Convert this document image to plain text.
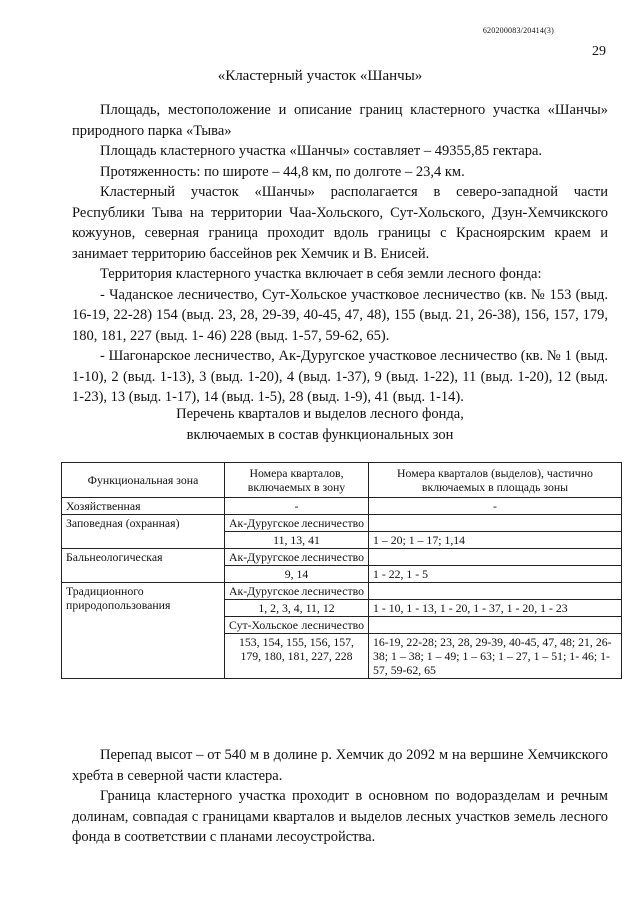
620200083/20414(3)
29
«Кластерный участок «Шанчы»

Площадь, местоположение и описание границ кластерного участка «Шанчы» природного парка «Тыва»

Площадь кластерного участка «Шанчы» составляет – 49355,85 гектара.

Протяженность: по широте – 44,8 км, по долготе – 23,4 км.

Кластерный участок «Шанчы» располагается в северо-западной части Республики Тыва на территории Чаа-Хольского, Сут-Хольского, Дзун-Хемчикского кожуунов, северная граница проходит вдоль границы с Красноярским краем и занимает территорию бассейнов рек Хемчик и В. Енисей.

Территория кластерного участка включает в себя земли лесного фонда:

- Чаданское лесничество, Сут-Хольское участковое лесничество (кв. № 153 (выд. 16-19, 22-28) 154 (выд. 23, 28, 29-39, 40-45, 47, 48), 155 (выд. 21, 26-38), 156, 157, 179, 180, 181, 227 (выд. 1- 46) 228 (выд. 1-57, 59-62, 65).

- Шагонарское лесничество, Ак-Дуругское участковое лесничество (кв. № 1 (выд. 1-10), 2 (выд. 1-13), 3 (выд. 1-20), 4 (выд. 1-37), 9 (выд. 1-22), 11 (выд. 1-20), 12 (выд. 1-23), 13 (выд. 1-17), 14 (выд. 1-5), 28 (выд. 1-9), 41 (выд. 1-14).

Перечень кварталов и выделов лесного фонда,
включаемых в состав функциональных зон
Функциональная зона	Номера кварталов, включаемых в зону	Номера кварталов (выделов), частично включаемых в площадь зоны
Хозяйственная	-	-
Заповедная (охранная)	Ак-Дуругское лесничество	

	11, 13, 41	1 – 20; 1 – 17; 1,14
Бальнеологическая	Ак-Дуругское лесничество	

	9, 14	1 - 22, 1 - 5
Традиционного природопользования	Ак-Дуругское лесничество	

	1, 2, 3, 4, 11, 12	1 - 10, 1 - 13, 1 - 20, 1 - 37, 1 - 20, 1 - 23

	Сут-Хольское лесничество	

	153, 154, 155, 156, 157, 179, 180, 181, 227, 228	16-19, 22-28; 23, 28, 29-39, 40-45, 47, 48; 21, 26-38; 1 – 38; 1 – 49; 1 – 63; 1 – 27, 1 – 51; 1- 46; 1-57, 59-62, 65

Перепад высот – от 540 м в долине р. Хемчик до 2092 м на вершине Хемчикского хребта в северной части кластера.

Граница кластерного участка проходит в основном по водоразделам и речным долинам, совпадая с границами кварталов и выделов лесных участков земель лесного фонда в соответствии с планами лесоустройства.
